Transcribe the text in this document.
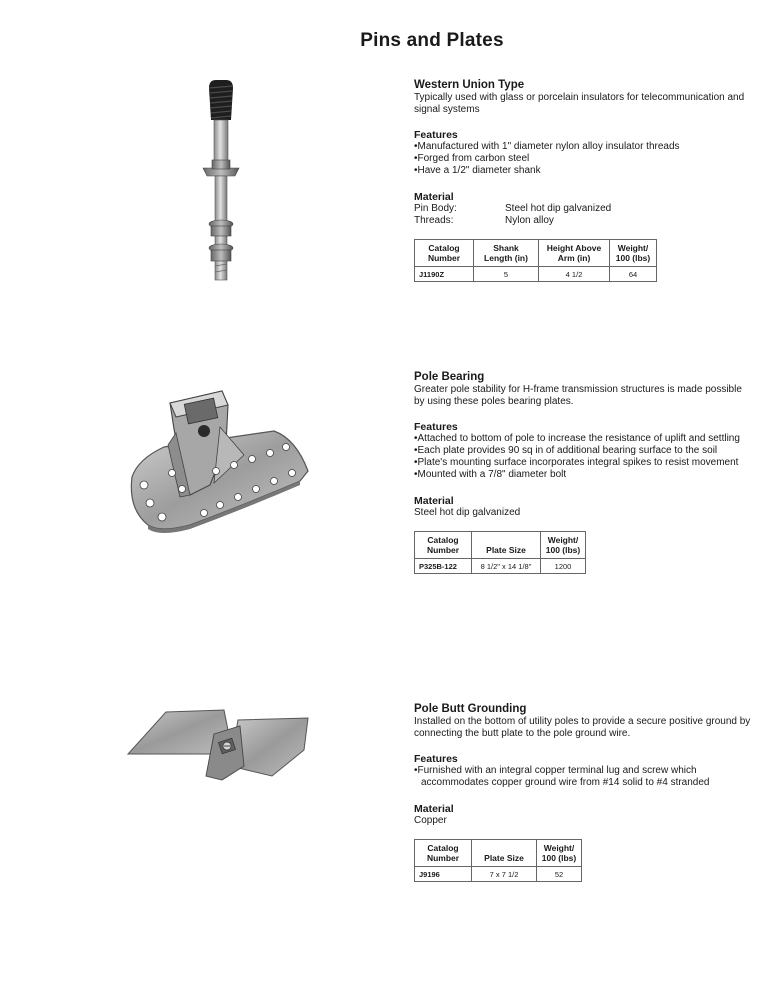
Pins and Plates
Western Union Type

Typically used with glass or porcelain insulators for telecommunication and signal systems

Features
• Manufactured with 1" diameter nylon alloy insulator threads
• Forged from carbon steel
• Have a 1/2" diameter shank
Material
Pin Body:	Steel hot dip galvanized
Threads:	Nylon alloy
Catalog Number	Shank Length (in)	Height Above Arm (in)	Weight/ 100 (lbs)
J1190Z	5	4 1/2	64
Pole Bearing

Greater pole stability for H-frame transmission structures is made possible by using these poles bearing plates.

Features
• Attached to bottom of pole to increase the resistance of uplift and settling
• Each plate provides 90 sq in of additional bearing surface to the soil
• Plate's mounting surface incorporates integral spikes to resist movement
• Mounted with a 7/8" diameter bolt
Material
Steel hot dip galvanized
Catalog Number	Plate Size	Weight/ 100 (lbs)
P325B-122	8 1/2" x 14 1/8"	1200
Pole Butt Grounding

Installed on the bottom of utility poles to provide a secure positive ground by connecting the butt plate to the pole ground wire.

Features
• Furnished with an integral copper terminal lug and screw which accommodates copper ground wire from #14 solid to #4 stranded
Material
Copper
Catalog Number	Plate Size	Weight/ 100 (lbs)
J9196	7 x 7 1/2	52
